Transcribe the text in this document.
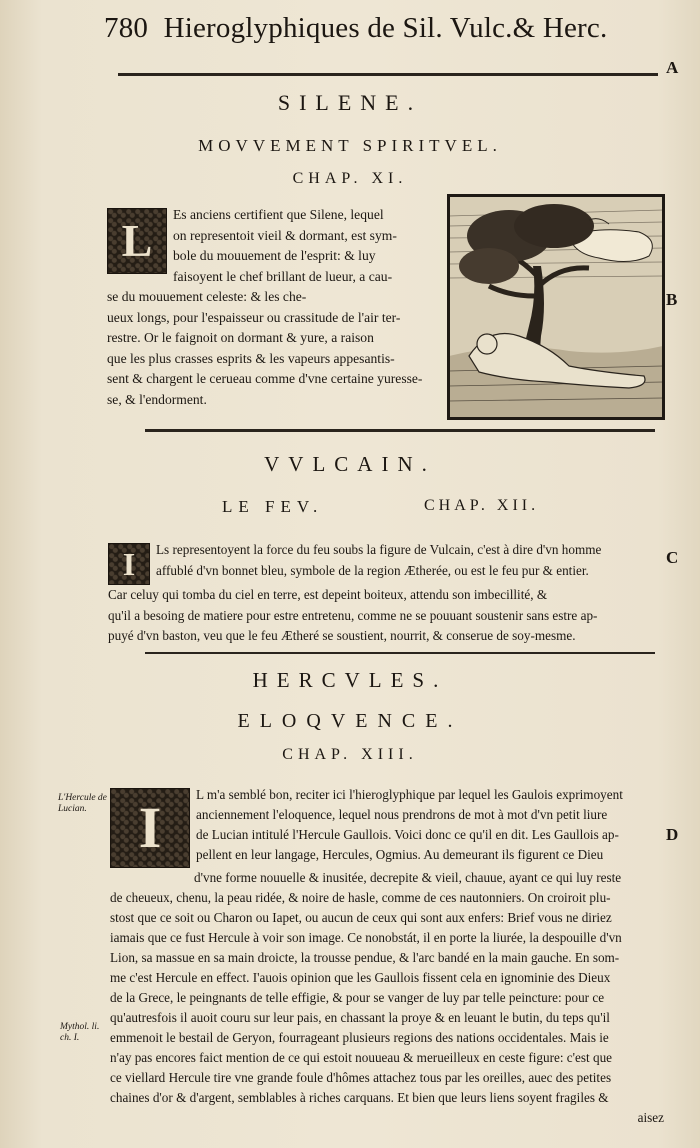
780 Hieroglyphiques de Sil. Vulc.& Herc.
A
SILENE.
MOVVEMENT SPIRITVEL.
CHAP. XI.
L
Es anciens certifient que Silene, lequel
on representoit vieil & dormant, est sym-
bole du mouuement de l'esprit: & luy
faisoyent le chef brillant de lueur, a cau-
se du mouuement celeste: & les che-
ueux longs, pour l'espaisseur ou crassitude de l'air ter-
restre. Or le faignoit on dormant & yure, a raison
que les plus crasses esprits & les vapeurs appesantis-
sent & chargent le cerueau comme d'vne certaine yuresse-
se, & l'endorment.
B
VVLCAIN.
LE FEV.	CHAP. XII.
I	Ls representoyent la force du feu soubs la figure de Vulcain, c'est à dire d'vn homme
affublé d'vn bonnet bleu, symbole de la region Ætherée, ou est le feu pur & entier.
Car celuy qui tomba du ciel en terre, est depeint boiteux, attendu son imbecillité, &
qu'il a besoing de matiere pour estre entretenu, comme ne se pouuant soustenir sans estre ap-
puyé d'vn baston, veu que le feu Ætheré se soustient, nourrit, & conserue de soy-mesme.
C
HERCVLES.
ELOQVENCE.
CHAP. XIII.
L'Hercule de Lucian.
Mythol. li. ch. I.
I
L m'a semblé bon, reciter ici l'hieroglyphique par lequel les Gaulois exprimoyent
anciennement l'eloquence, lequel nous prendrons de mot à mot d'vn petit liure
de Lucian intitulé l'Hercule Gaullois. Voici donc ce qu'il en dit. Les Gaullois ap-
pellent en leur langage, Hercules, Ogmius. Au demeurant ils figurent ce Dieu
d'vne forme nouuelle & inusitée, decrepite & vieil, chauue, ayant ce qui luy reste
de cheueux, chenu, la peau ridée, & noire de hasle, comme de ces nautonniers. On croiroit plu-
stost que ce soit ou Charon ou Iapet, ou aucun de ceux qui sont aux enfers: Brief vous ne diriez
iamais que ce fust Hercule à voir son image. Ce nonobstát, il en porte la liurée, la despouille d'vn
Lion, sa massue en sa main droicte, la trousse pendue, & l'arc bandé en la main gauche. En som-
me c'est Hercule en effect. I'auois opinion que les Gaullois fissent cela en ignominie des Dieux
de la Grece, le peingnants de telle effigie, & pour se vanger de luy par telle peincture: pour ce
qu'autresfois il auoit couru sur leur pais, en chassant la proye & en leuant le butin, du teps qu'il
emmenoit le bestail de Geryon, fourrageant plusieurs regions des nations occidentales. Mais ie
n'ay pas encores faict mention de ce qui estoit nouueau & merueilleux en ceste figure: c'est que
ce viellard Hercule tire vne grande foule d'hômes attachez tous par les oreilles, auec des petites
chaines d'or & d'argent, semblables à riches carquans. Et bien que leurs liens soyent fragiles &
aisez
D
